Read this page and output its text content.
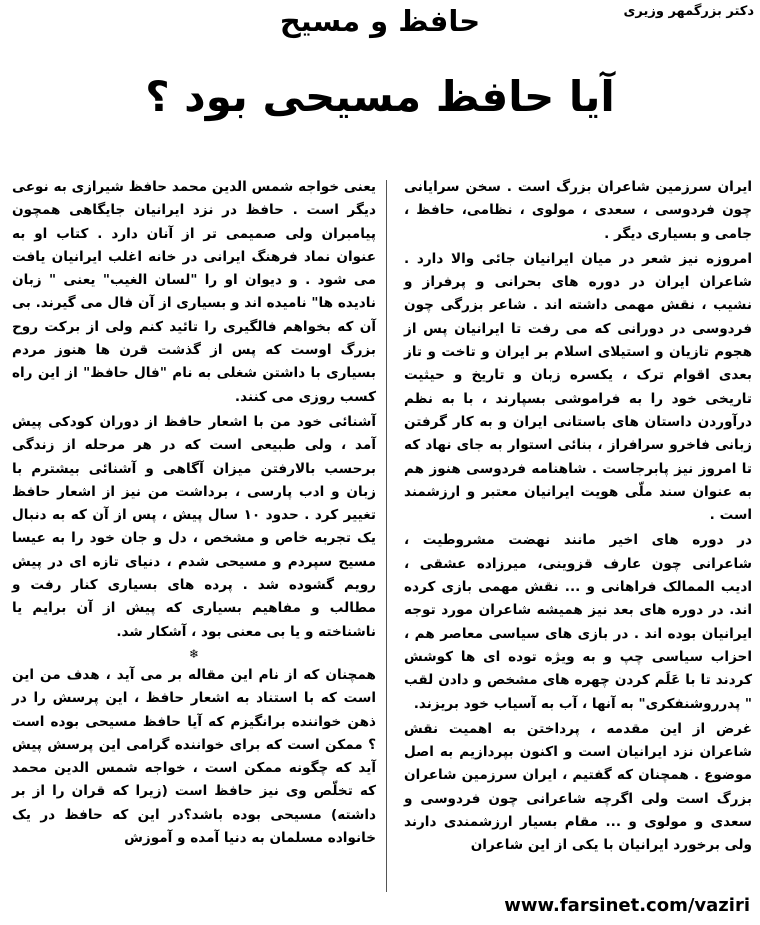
دکتر بزرگمهر وزیری
حافظ و مسیح
آیا حافظ مسیحی بود ؟

ایران سرزمین شاعران بزرگ است . سخن سرایانی چون فردوسی ، سعدی ، مولوی ، نظامی، حافظ ، جامی و بسیاری دیگر .

امروزه نیز شعر در میان ایرانیان جائی والا دارد . شاعران ایران در دوره های بحرانی و پرفراز و نشیب ، نقش مهمی داشته اند . شاعر بزرگی چون فردوسی در دورانی که می رفت تا ایرانیان پس از هجوم تازیان و استیلای اسلام بر ایران و تاخت و تاز بعدی اقوام ترک ، یکسره زبان و تاریخ و حیثیت تاریخی خود را به فراموشی بسپارند ، با به نظم درآوردن داستان های باستانی ایران و به کار گرفتن زبانی فاخرو سرافراز ، بنائی استوار به جای نهاد که تا امروز نیز پابرجاست . شاهنامه فردوسی هنوز هم به عنوان سند ملّی هویت ایرانیان معتبر و ارزشمند است .

در دوره های اخیر مانند نهضت مشروطیت ، شاعرانی چون عارف قزوینی، میرزاده عشقی ، ادیب الممالک فراهانی و ... نقش مهمی بازی کرده اند. در دوره های بعد نیز همیشه شاعران مورد توجه ایرانیان بوده اند . در بازی های سیاسی معاصر هم ، احزاب سیاسی چپ و به ویژه توده ای ها کوشش کردند تا با عَلَم کردن چهره های مشخص و دادن لقب " پدرروشنفکری" به آنها ، آب به آسیاب خود بریزند.

غرض از این مقدمه ، پرداختن به اهمیت نقش شاعران نزد ایرانیان است و اکنون بپردازیم به اصل موضوع . همچنان که گفتیم ، ایران سرزمین شاعران بزرگ است ولی اگرچه شاعرانی چون فردوسی و سعدی و مولوی و ... مقام بسیار ارزشمندی دارند ولی برخورد ایرانیان با یکی از این شاعران

یعنی خواجه شمس الدین محمد حافظ شیرازی به نوعی دیگر است . حافظ در نزد ایرانیان جایگاهی همچون پیامبران ولی صمیمی تر از آنان دارد . کتاب او به عنوان نماد فرهنگ ایرانی در خانه اغلب ایرانیان یافت می شود . و دیوان او را "لسان الغیب" یعنی " زبان نادیده ها" نامیده اند و بسیاری از آن فال می گیرند. بی آن که بخواهم فالگیری را تائید کنم ولی از برکت روح بزرگ اوست که پس از گذشت قرن ها هنوز مردم بسیاری با داشتن شغلی به نام "فال حافظ" از این راه کسب روزی می کنند.

آشنائی خود من با اشعار حافظ از دوران کودکی پیش آمد ، ولی طبیعی است که در هر مرحله از زندگی برحسب بالارفتن میزان آگاهی و آشنائی بیشترم با زبان و ادب پارسی ، برداشت من نیز از اشعار حافظ تغییر کرد . حدود ۱۰ سال پیش ، پس از آن که به دنبال یک تجربه خاص و مشخص ، دل و جان خود را به عیسا مسیح سپردم و مسیحی شدم ، دنیای تازه ای در پیش رویم گشوده شد . پرده های بسیاری کنار رفت و مطالب و مفاهیم بسیاری که پیش از آن برایم یا ناشناخته و یا بی معنی بود ، آشکار شد.

❄

همچنان که از نام این مقاله بر می آید ، هدف من این است که با استناد به اشعار حافظ ، این پرسش را در ذهن خواننده برانگیزم که آیا حافظ مسیحی بوده است ؟ ممکن است که برای خواننده گرامی این پرسش پیش آید که چگونه ممکن است ، خواجه شمس الدین محمد که تخلّص وی نیز حافظ است (زیرا که قران را از بر داشته) مسیحی بوده باشد؟در این که حافظ در یک خانواده مسلمان به دنیا آمده و آموزش

www.farsinet.com/vaziri
